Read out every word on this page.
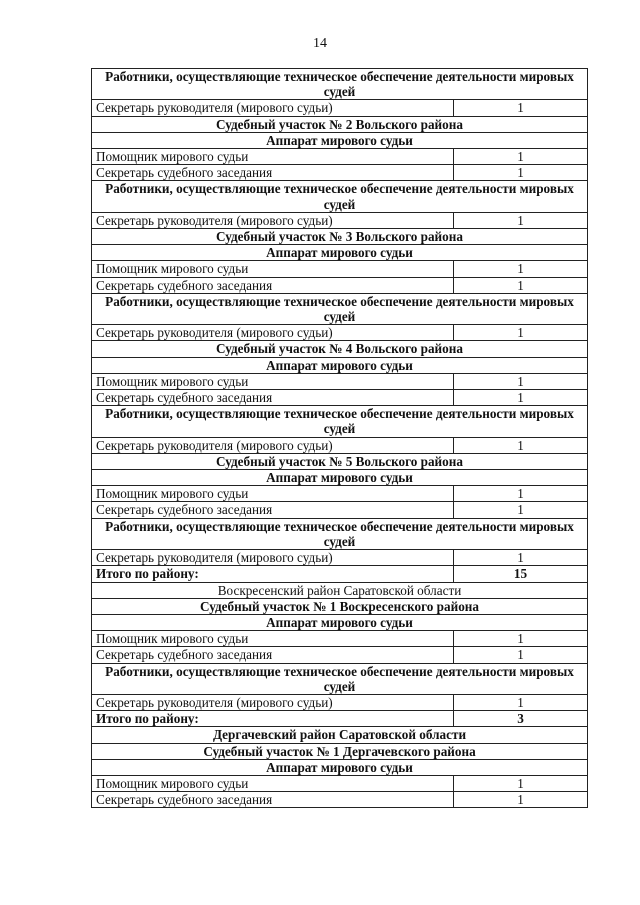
14
Работники, осуществляющие техническое обеспечение деятельности мировых судей	
Секретарь руководителя (мирового судьи)	1
Судебный участок № 2 Вольского района	
Аппарат мирового судьи	
Помощник мирового судьи	1
Секретарь судебного заседания	1
Работники, осуществляющие техническое обеспечение деятельности мировых судей	
Секретарь руководителя (мирового судьи)	1
Судебный участок № 3 Вольского района	
Аппарат мирового судьи	
Помощник мирового судьи	1
Секретарь судебного заседания	1
Работники, осуществляющие техническое обеспечение деятельности мировых судей	
Секретарь руководителя (мирового судьи)	1
Судебный участок № 4 Вольского района	
Аппарат мирового судьи	
Помощник мирового судьи	1
Секретарь судебного заседания	1
Работники, осуществляющие техническое обеспечение деятельности мировых судей	
Секретарь руководителя (мирового судьи)	1
Судебный участок № 5 Вольского района	
Аппарат мирового судьи	
Помощник мирового судьи	1
Секретарь судебного заседания	1
Работники, осуществляющие техническое обеспечение деятельности мировых судей	
Секретарь руководителя (мирового судьи)	1
Итого по району:	15
Воскресенский район Саратовской области	
Судебный участок № 1 Воскресенского района	
Аппарат мирового судьи	
Помощник мирового судьи	1
Секретарь судебного заседания	1
Работники, осуществляющие техническое обеспечение деятельности мировых судей	
Секретарь руководителя (мирового судьи)	1
Итого по району:	3
Дергачевский район Саратовской области	
Судебный участок № 1 Дергачевского района	
Аппарат мирового судьи	
Помощник мирового судьи	1
Секретарь судебного заседания	1
